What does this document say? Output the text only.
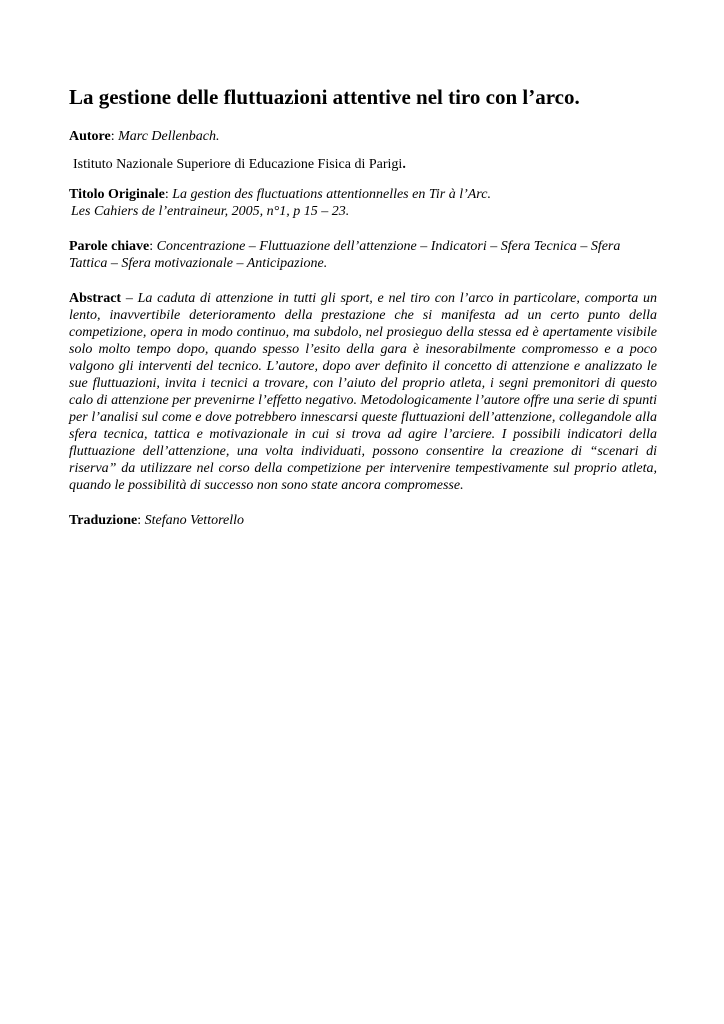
La gestione delle fluttuazioni attentive nel tiro con l’arco.

Autore: Marc Dellenbach.

Istituto Nazionale Superiore di Educazione Fisica di Parigi.

Titolo Originale: La gestion des fluctuations attentionnelles en Tir à l’Arc.

Les Cahiers de l’entraineur, 2005, n°1, p 15 – 23.

Parole chiave: Concentrazione – Fluttuazione dell’attenzione – Indicatori – Sfera Tecnica – Sfera Tattica – Sfera motivazionale – Anticipazione.

Abstract – La caduta di attenzione in tutti gli sport, e nel tiro con l’arco in particolare, comporta un lento, inavvertibile deterioramento della prestazione che si manifesta ad un certo punto della competizione, opera in modo continuo, ma subdolo, nel prosieguo della stessa ed è apertamente visibile solo molto tempo dopo, quando spesso l’esito della gara è inesorabilmente compromesso e a poco valgono gli interventi del tecnico. L’autore, dopo aver definito il concetto di attenzione e analizzato le sue fluttuazioni, invita i tecnici a trovare, con l’aiuto del proprio atleta, i segni premonitori di questo calo di attenzione per prevenirne l’effetto negativo. Metodologicamente l’autore offre una serie di spunti per l’analisi sul come e dove potrebbero innescarsi queste fluttuazioni dell’attenzione, collegandole alla sfera tecnica, tattica e motivazionale in cui si trova ad agire l’arciere. I possibili indicatori della fluttuazione dell’attenzione, una volta individuati, possono consentire la creazione di “scenari di riserva” da utilizzare nel corso della competizione per intervenire tempestivamente sul proprio atleta, quando le possibilità di successo non sono state ancora compromesse.

Traduzione: Stefano Vettorello
